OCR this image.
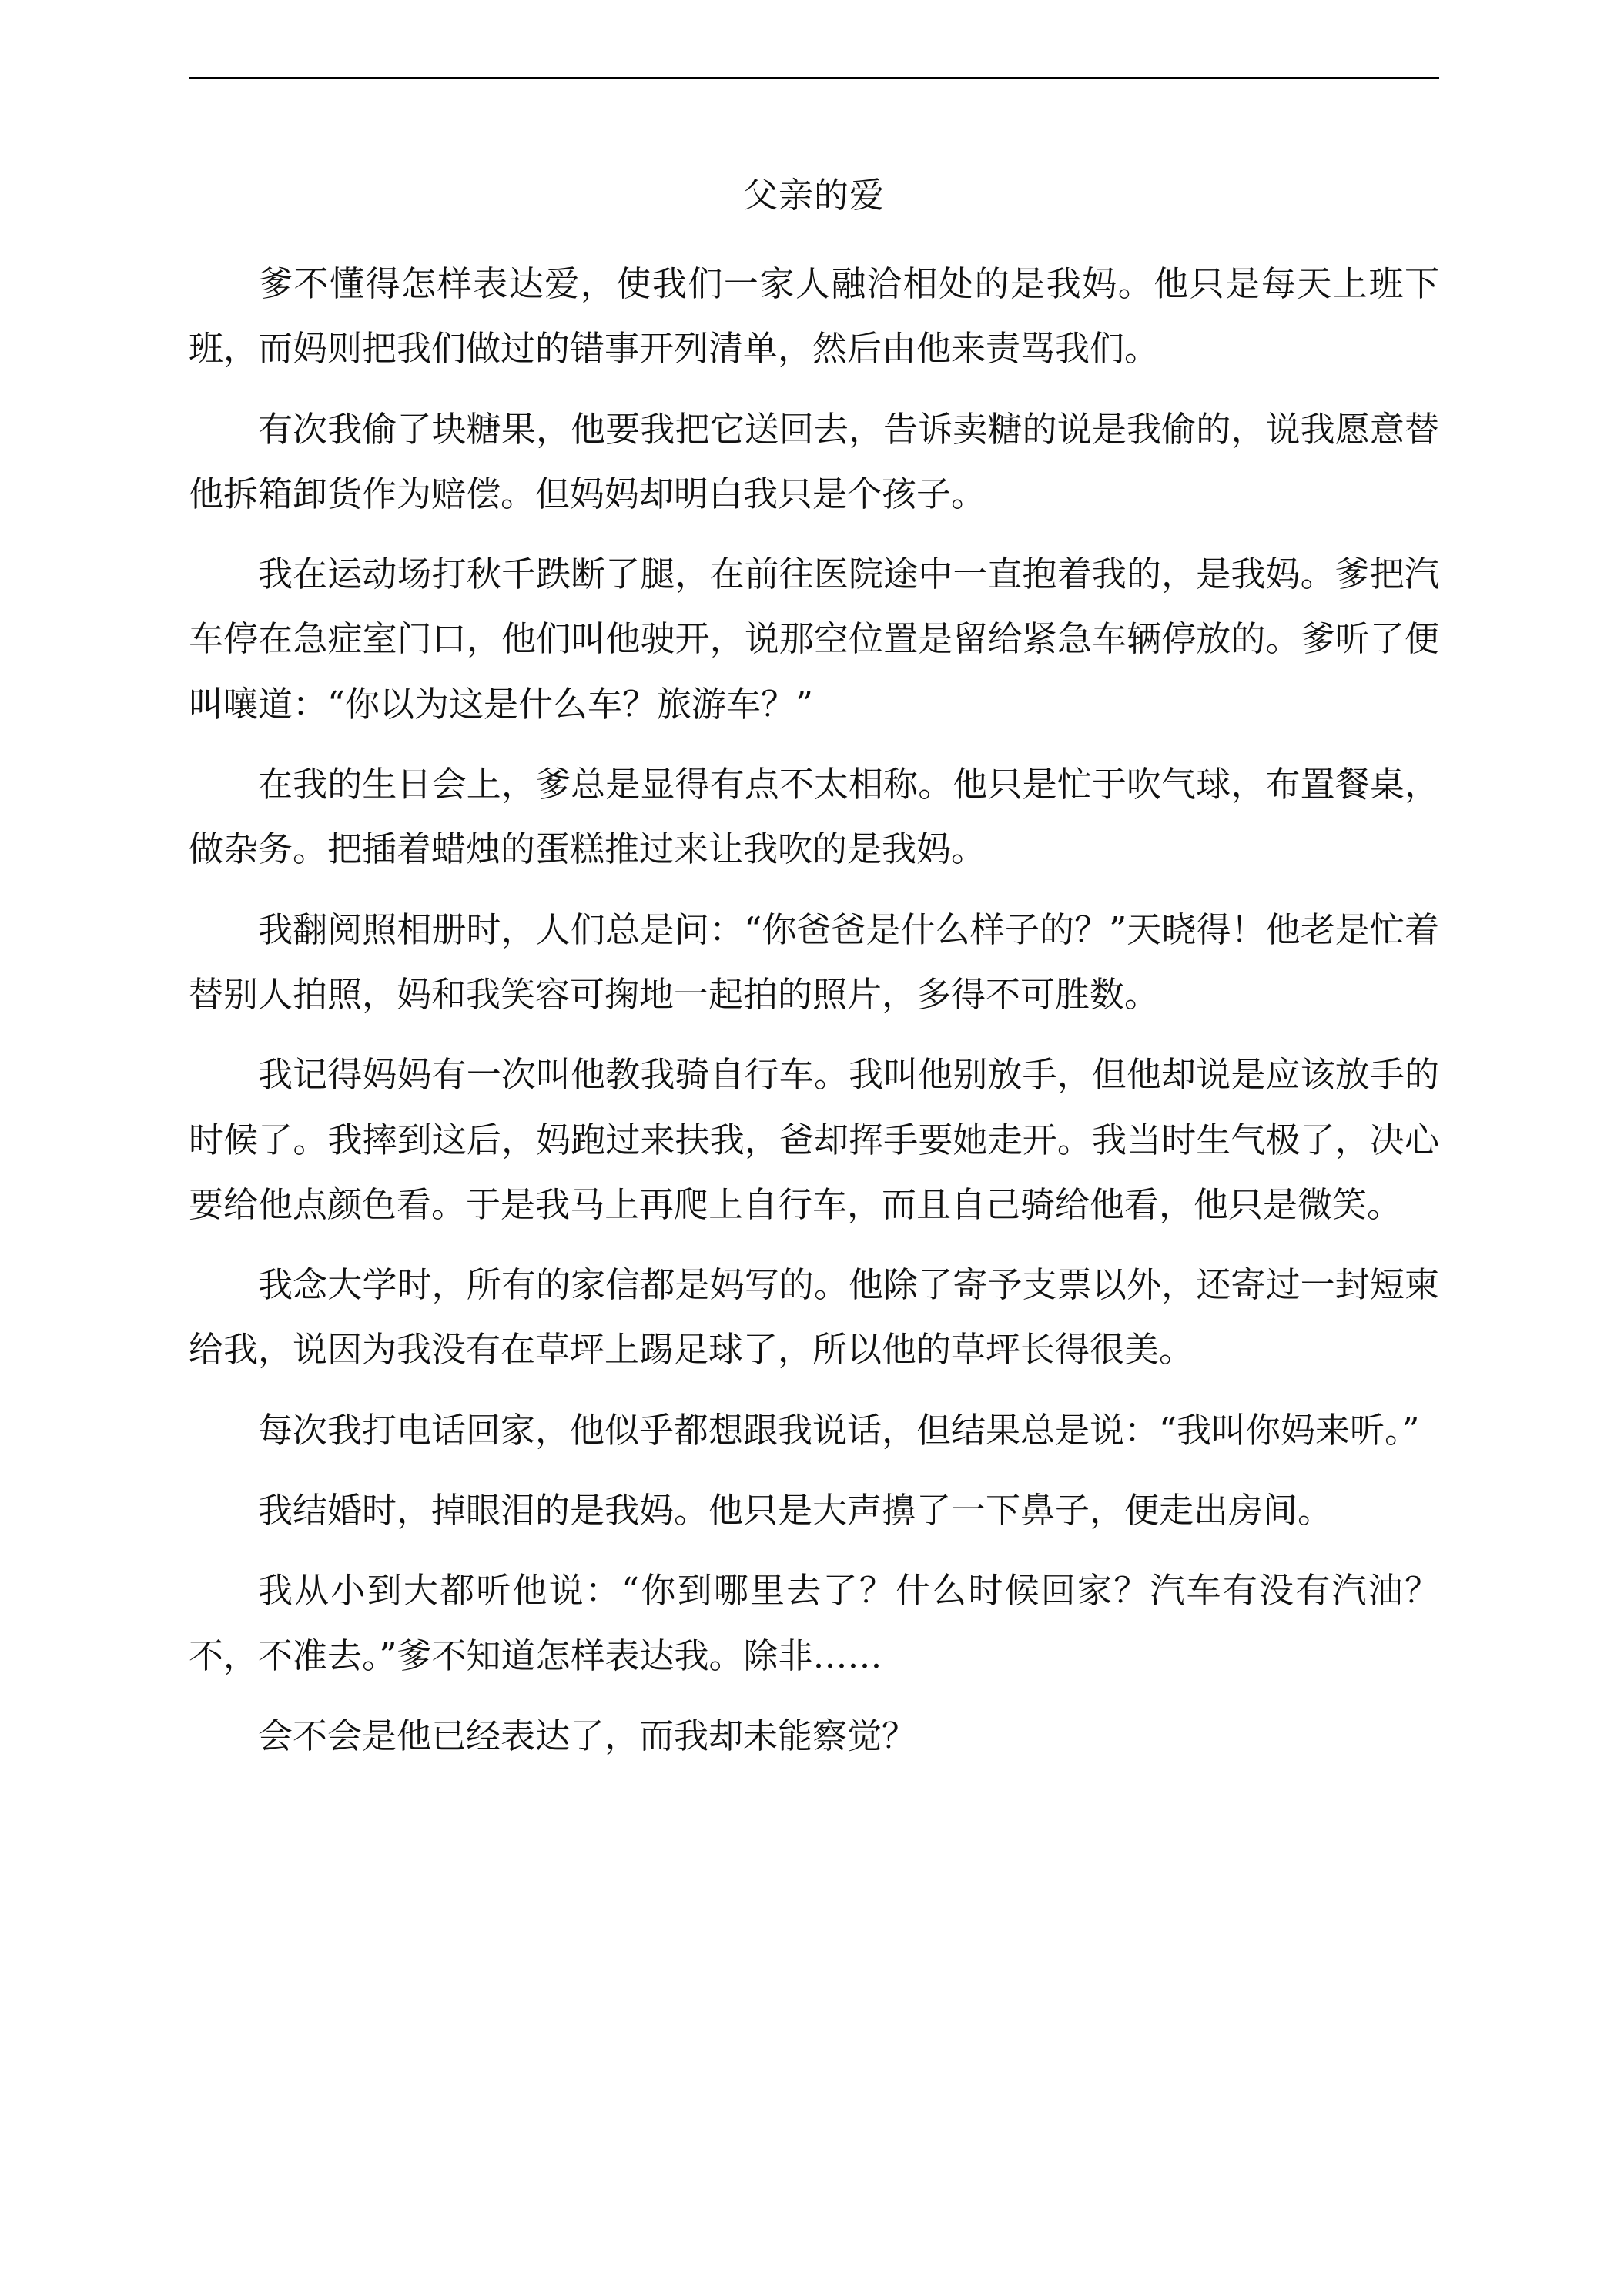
父亲的爱

爹不懂得怎样表达爱，使我们一家人融洽相处的是我妈。他只是每天上班下班，而妈则把我们做过的错事开列清单，然后由他来责骂我们。

有次我偷了块糖果，他要我把它送回去，告诉卖糖的说是我偷的，说我愿意替他拆箱卸货作为赔偿。但妈妈却明白我只是个孩子。

我在运动场打秋千跌断了腿，在前往医院途中一直抱着我的，是我妈。爹把汽车停在急症室门口，他们叫他驶开，说那空位置是留给紧急车辆停放的。爹听了便叫嚷道：“你以为这是什么车？旅游车？”

在我的生日会上，爹总是显得有点不太相称。他只是忙于吹气球，布置餐桌，做杂务。把插着蜡烛的蛋糕推过来让我吹的是我妈。

我翻阅照相册时，人们总是问：“你爸爸是什么样子的？”天晓得！他老是忙着替别人拍照，妈和我笑容可掬地一起拍的照片，多得不可胜数。

我记得妈妈有一次叫他教我骑自行车。我叫他别放手，但他却说是应该放手的时候了。我摔到这后，妈跑过来扶我，爸却挥手要她走开。我当时生气极了，决心要给他点颜色看。于是我马上再爬上自行车，而且自己骑给他看，他只是微笑。

我念大学时，所有的家信都是妈写的。他除了寄予支票以外，还寄过一封短柬给我，说因为我没有在草坪上踢足球了，所以他的草坪长得很美。

每次我打电话回家，他似乎都想跟我说话，但结果总是说：“我叫你妈来听。”

我结婚时，掉眼泪的是我妈。他只是大声擤了一下鼻子，便走出房间。

我从小到大都听他说：“你到哪里去了？什么时候回家？汽车有没有汽油？不，不准去。”爹不知道怎样表达我。除非……

会不会是他已经表达了，而我却未能察觉？
